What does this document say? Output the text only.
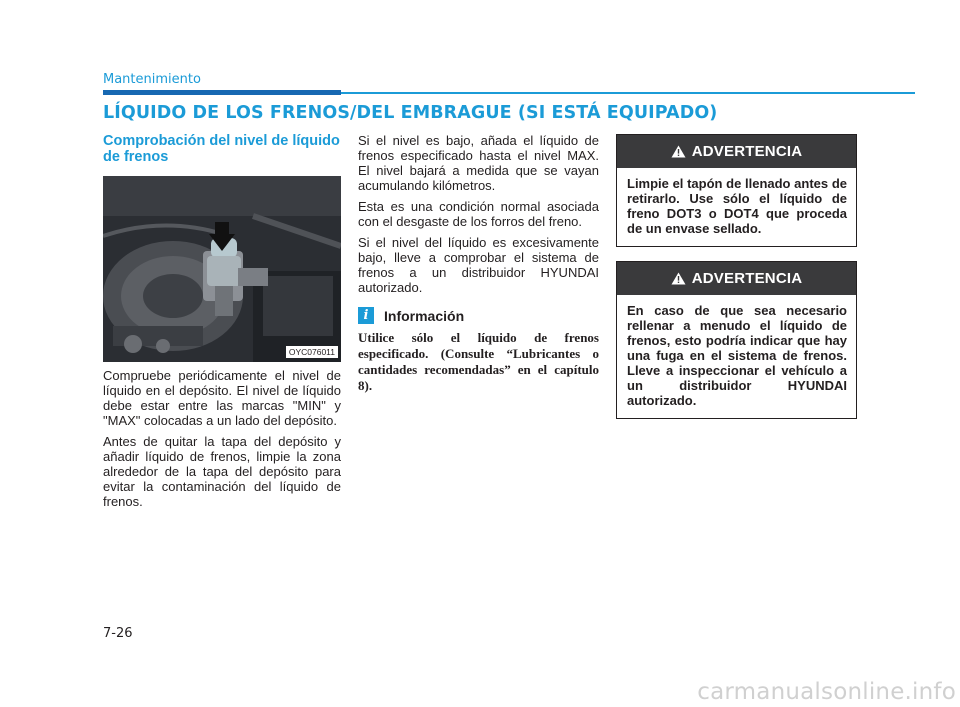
Mantenimiento
LÍQUIDO DE LOS FRENOS/DEL EMBRAGUE (SI ESTÁ EQUIPADO)
Comprobación del nivel de líquido de frenos
OYC076011

Compruebe periódicamente el nivel de líquido en el depósito. El nivel de líquido debe estar entre las marcas "MIN" y "MAX" colocadas a un lado del depósito.

Antes de quitar la tapa del depósito y añadir líquido de frenos, limpie la zona alrededor de la tapa del depósito para evitar la contaminación del líquido de frenos.

Si el nivel es bajo, añada el líquido de frenos especificado hasta el nivel MAX. El nivel bajará a medida que se vayan acumulando kilómetros.

Esta es una condición normal asociada con el desgaste de los forros del freno.

Si el nivel del líquido es excesivamente bajo, lleve a comprobar el sistema de frenos a un distribuidor HYUNDAI autorizado.

i	Información

Utilice sólo el líquido de frenos especificado. (Consulte “Lubricantes o cantidades recomendadas” en el capítulo 8).

ADVERTENCIA
Limpie el tapón de llenado antes de retirarlo. Use sólo el líquido de freno DOT3 o DOT4 que proceda de un envase sellado.
ADVERTENCIA
En caso de que sea necesario rellenar a menudo el líquido de frenos, esto podría indicar que hay una fuga en el sistema de frenos. Lleve a inspeccionar el vehículo a un distribuidor HYUNDAI autorizado.
7-26
carmanualsonline.info
